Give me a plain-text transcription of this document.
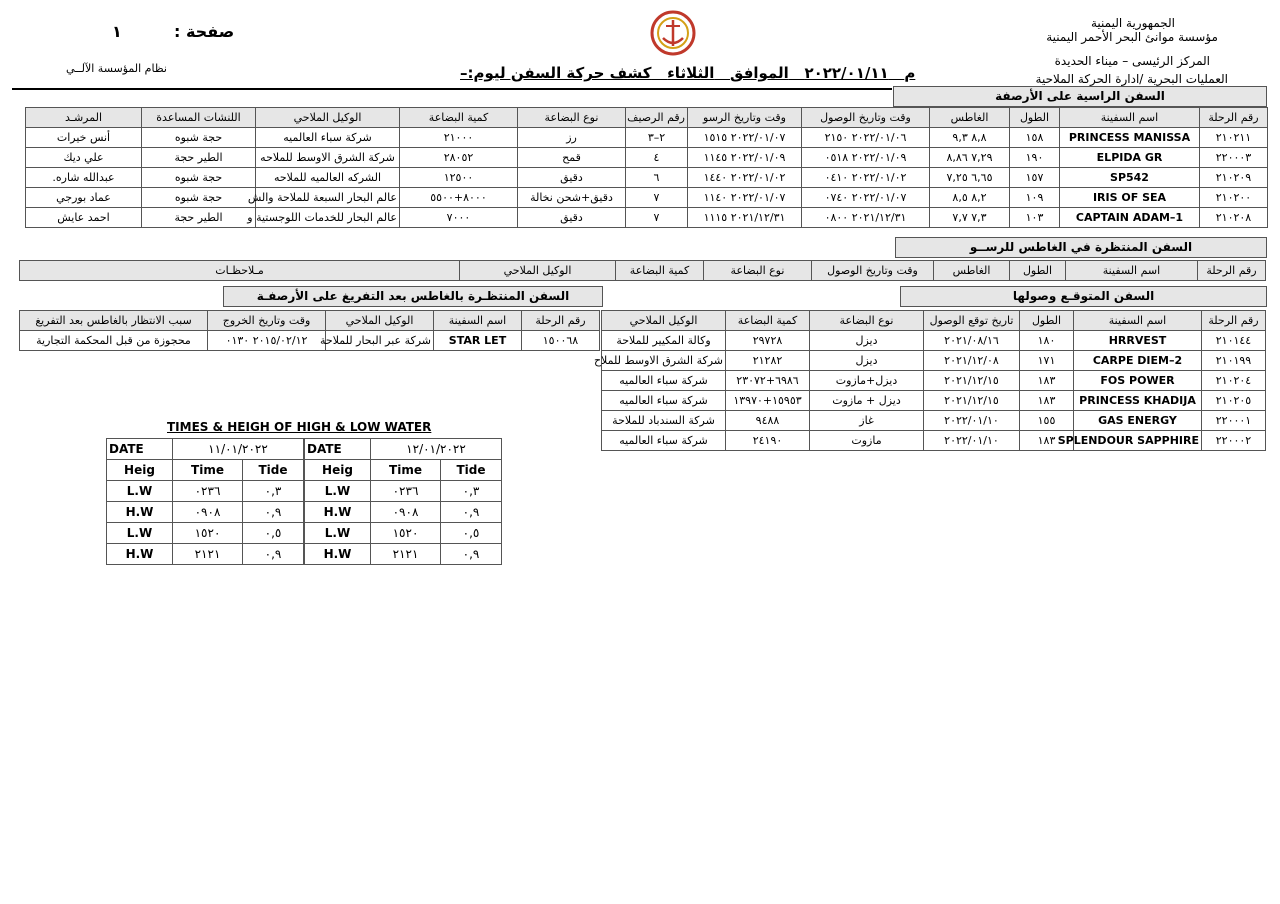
الجمهورية اليمنية
مؤسسة موانئ البحر الأحمر اليمنية
المركز الرئيسى – ميناء الحديدة
العمليات البحرية /ادارة الحركة الملاحية
١	صفحة :
نظام المؤسسة الآلــي	م   ٢٠٢٢/٠١/١١   الموافق   الثلاثاء   كشف حركة السفن ليوم:–
السفن الراسية على الأرصفة
رقم الرحلة	اسم السفينة	الطول	الغاطس	وقت وتاريخ الوصول	وقت وتاريخ الرسو	رقم الرصيف	نوع البضاعة	كمية البضاعة	الوكيل الملاحي	اللنشات المساعدة	المرشـد
٢١٠٢١١	PRINCESS MANISSA	١٥٨	٨,٨ ٩,٣	٢٠٢٢/٠١/٠٦ ٢١٥٠	٢٠٢٢/٠١/٠٧ ١٥١٥	٢–٣	رز	٢١٠٠٠	شركة سباء العالميه	حجة شبوه	أنس خيرات
٢٢٠٠٠٣	ELPIDA GR	١٩٠	٧,٢٩ ٨,٨٦	٢٠٢٢/٠١/٠٩ ٠٥١٨	٢٠٢٢/٠١/٠٩ ١١٤٥	٤	قمح	٢٨٠٥٢	شركة الشرق الاوسط للملاحه	الطير حجة	علي ديك
٢١٠٢٠٩	SP542	١٥٧	٦,٦٥ ٧,٢٥	٢٠٢٢/٠١/٠٢ ٠٤١٠	٢٠٢٢/٠١/٠٢ ١٤٤٠	٦	دقيق	١٢٥٠٠	الشركه العالميه للملاحه	حجة شبوه	عبدالله شاره.
٢١٠٢٠٠	IRIS OF SEA	١٠٩	٨,٢ ٨,٥	٢٠٢٢/٠١/٠٧ ٠٧٤٠	٢٠٢٢/٠١/٠٧ ١١٤٠	٧	دقيق+شحن نخالة	٨٠٠٠+٥٥٠٠	عالم البحار السبعة للملاحة والش	حجة شبوه	عماد بورجي
٢١٠٢٠٨	CAPTAIN ADAM–1	١٠٣	٧,٣ ٧,٧	٢٠٢١/١٢/٣١ ٠٨٠٠	٢٠٢١/١٢/٣١ ١١١٥	٧	دقيق	٧٠٠٠	عالم البحار للخدمات اللوجستية و	الطير حجة	احمد عايش
السفن المنتظرة في الغاطس للرســو
رقم الرحلة	اسم السفينة	الطول	الغاطس	وقت وتاريخ الوصول	نوع البضاعة	كمية البضاعة	الوكيل الملاحي	مـلاحظـات
السفن المتوقـع وصولها
رقم الرحلة	اسم السفينة	الطول	تاريخ توقع الوصول	نوع البضاعة	كمية البضاعة	الوكيل الملاحي
٢١٠١٤٤	HRRVEST	١٨٠	٢٠٢١/٠٨/١٦	ديزل	٢٩٧٢٨	وكالة المكيير للملاحة
٢١٠١٩٩	CARPE DIEM–2	١٧١	٢٠٢١/١٢/٠٨	ديزل	٢١٢٨٢	شركة الشرق الاوسط للملاح
٢١٠٢٠٤	FOS POWER	١٨٣	٢٠٢١/١٢/١٥	ديزل+مازوت	٦٩٨٦+٢٣٠٧٢	شركة سباء العالميه
٢١٠٢٠٥	PRINCESS KHADIJA	١٨٣	٢٠٢١/١٢/١٥	ديزل + مازوت	١٥٩٥٣+١٣٩٧٠	شركة سباء العالميه
٢٢٠٠٠١	GAS ENERGY	١٥٥	٢٠٢٢/٠١/١٠	غاز	٩٤٨٨	شركة السندباد للملاحة
٢٢٠٠٠٢	SPLENDOUR SAPPHIRE	١٨٣	٢٠٢٢/٠١/١٠	مازوت	٢٤١٩٠	شركة سباء العالميه
السفن المنتظـرة بالغاطس بعد التفريغ على الأرصفـة
رقم الرحلة	اسم السفينة	الوكيل الملاحي	وقت وتاريخ الخروج	سبب الانتظار بالغاطس بعد التفريغ
١٥٠٠٦٨	STAR LET	شركة عبر البحار للملاحة	٢٠١٥/٠٢/١٢ ٠١٣٠	محجوزة من قبل المحكمة التجارية
TIMES & HEIGH OF HIGH & LOW WATER
DATE	١١/٠١/٢٠٢٢	
Heig	Time	Tide
L.W	٠٢٣٦	٠,٣
H.W	٠٩٠٨	٠,٩
L.W	١٥٢٠	٠,٥
H.W	٢١٢١	٠,٩
DATE	١٢/٠١/٢٠٢٢	
Heig	Time	Tide
L.W	٠٢٣٦	٠,٣
H.W	٠٩٠٨	٠,٩
L.W	١٥٢٠	٠,٥
H.W	٢١٢١	٠,٩
